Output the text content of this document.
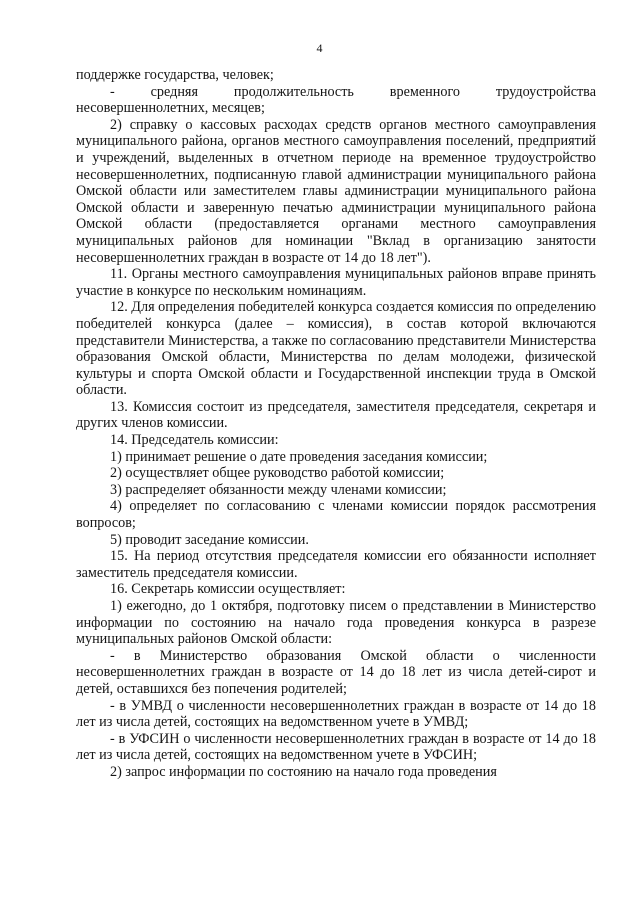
4

поддержке государства, человек;

- средняя продолжительность временного трудоустройства несовершеннолетних, месяцев;

2) справку о кассовых расходах средств органов местного самоуправления муниципального района, органов местного самоуправления поселений, предприятий и учреждений, выделенных в отчетном периоде на временное трудоустройство несовершеннолетних, подписанную главой администрации муниципального района Омской области или заместителем главы администрации муниципального района Омской области и заверенную печатью администрации муниципального района Омской области (предоставляется органами местного самоуправления муниципальных районов для номинации "Вклад в организацию занятости несовершеннолетних граждан в возрасте от 14 до 18 лет").

11. Органы местного самоуправления муниципальных районов вправе принять участие в конкурсе по нескольким номинациям.

12. Для определения победителей конкурса создается комиссия по определению победителей конкурса (далее – комиссия), в состав которой включаются представители Министерства, а также по согласованию представители Министерства образования Омской области, Министерства по делам молодежи, физической культуры и спорта Омской области и Государственной инспекции труда в Омской области.

13. Комиссия состоит из председателя, заместителя председателя, секретаря и других членов комиссии.

14. Председатель комиссии:

1) принимает решение о дате проведения заседания комиссии;

2) осуществляет общее руководство работой комиссии;

3) распределяет обязанности между членами комиссии;

4) определяет по согласованию с членами комиссии порядок рассмотрения вопросов;

5) проводит заседание комиссии.

15. На период отсутствия председателя комиссии его обязанности исполняет заместитель председателя комиссии.

16. Секретарь комиссии осуществляет:

1) ежегодно, до 1 октября, подготовку писем о представлении в Министерство информации по состоянию на начало года проведения конкурса в разрезе муниципальных районов Омской области:

- в Министерство образования Омской области о численности несовершеннолетних граждан в возрасте от 14 до 18 лет из числа детей-сирот и детей, оставшихся без попечения родителей;

- в УМВД о численности несовершеннолетних граждан в возрасте от 14 до 18 лет из числа детей, состоящих на ведомственном учете в УМВД;

- в УФСИН о численности несовершеннолетних граждан в возрасте от 14 до 18 лет из числа детей, состоящих на ведомственном учете в УФСИН;

2) запрос информации по состоянию на начало года проведения
